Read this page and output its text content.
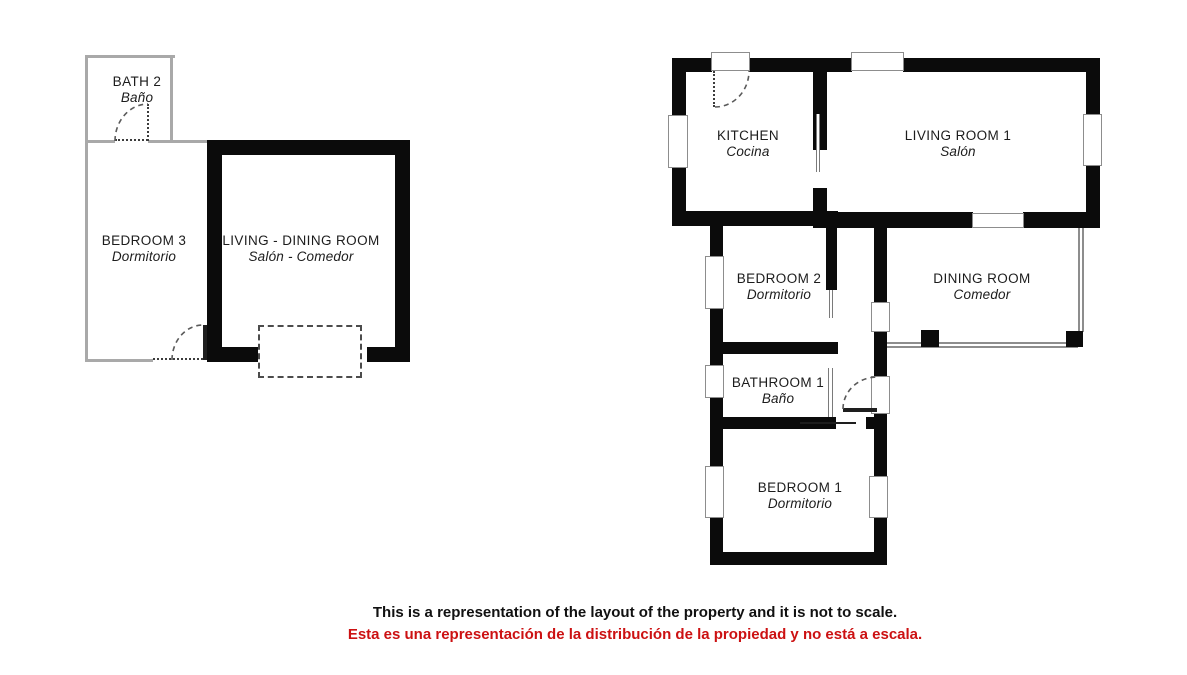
BATH 2
Baño
BEDROOM 3
Dormitorio
LIVING - DINING ROOM
Salón - Comedor
KITCHEN
Cocina
LIVING ROOM 1
Salón
BEDROOM 2
Dormitorio
DINING ROOM
Comedor
BATHROOM 1
Baño
BEDROOM 1
Dormitorio
This is a representation of the layout of the property and it is not to scale.
Esta es una representación de la distribución de la propiedad y no está a escala.
